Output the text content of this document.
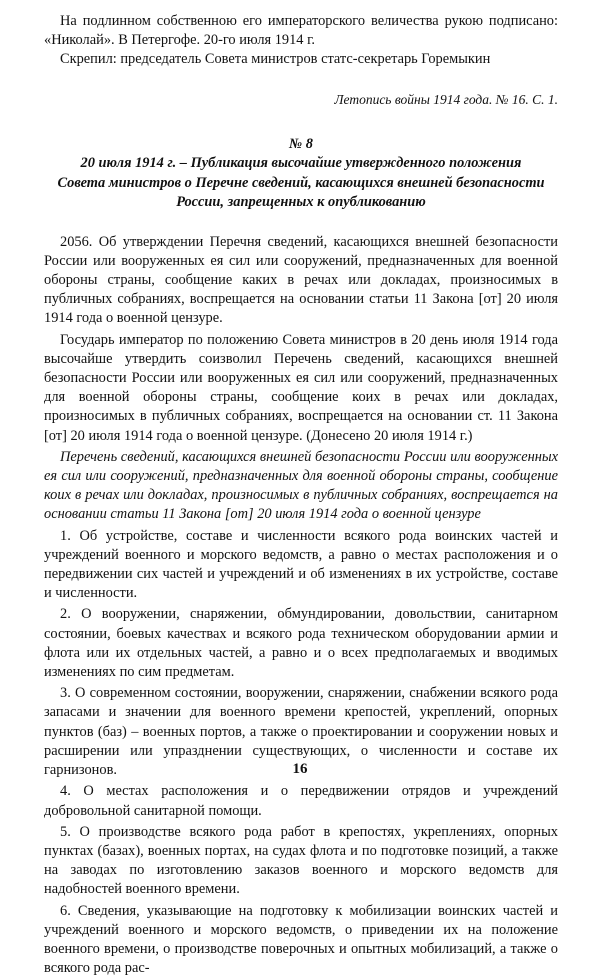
На подлинном собственною его императорского величества рукою подписано: «Николай». В Петергофе. 20-го июля 1914 г.

Скрепил: председатель Совета министров статс-секретарь Горемыкин

Летопись войны 1914 года. № 16. С. 1.

№ 8
20 июля 1914 г. – Публикация высочайше утвержденного положения
Совета министров о Перечне сведений, касающихся внешней безопасности
России, запрещенных к опубликованию

2056. Об утверждении Перечня сведений, касающихся внешней безопасности России или вооруженных ея сил или сооружений, предназначенных для военной обороны страны, сообщение каких в речах или докладах, произносимых в публичных собраниях, воспрещается на основании статьи 11 Закона [от] 20 июля 1914 года о военной цензуре.

Государь император по положению Совета министров в 20 день июля 1914 года высочайше утвердить соизволил Перечень сведений, касающихся внешней безопасности России или вооруженных ея сил или сооружений, предназначенных для военной обороны страны, сообщение коих в речах или докладах, произносимых в публичных собраниях, воспрещается на основании ст. 11 Закона [от] 20 июля 1914 года о военной цензуре. (Донесено 20 июля 1914 г.)

Перечень сведений, касающихся внешней безопасности России или вооруженных ея сил или сооружений, предназначенных для военной обороны страны, сообщение коих в речах или докладах, произносимых в публичных собраниях, воспрещается на основании статьи 11 Закона [от] 20 июля 1914 года о военной цензуре

1. Об устройстве, составе и численности всякого рода воинских частей и учреждений военного и морского ведомств, а равно о местах расположения и о передвижении сих частей и учреждений и об изменениях в их устройстве, составе и численности.

2. О вооружении, снаряжении, обмундировании, довольствии, санитарном состоянии, боевых качествах и всякого рода техническом оборудовании армии и флота или их отдельных частей, а равно и о всех предполагаемых и вводимых изменениях по сим предметам.

3. О современном состоянии, вооружении, снаряжении, снабжении всякого рода запасами и значении для военного времени крепостей, укреплений, опорных пунктов (баз) – военных портов, а также о проектировании и сооружении новых и расширении или упразднении существующих, о численности и составе их гарнизонов.

4. О местах расположения и о передвижении отрядов и учреждений добровольной санитарной помощи.

5. О производстве всякого рода работ в крепостях, укреплениях, опорных пунктах (базах), военных портах, на судах флота и по подготовке позиций, а также на заводах по изготовлению заказов военного и морского ведомств для надобностей военного времени.

6. Сведения, указывающие на подготовку к мобилизации воинских частей и учреждений военного и морского ведомств, о приведении их на положение военного времени, о производстве поверочных и опытных мобилизаций, а также о всякого рода рас-

16
